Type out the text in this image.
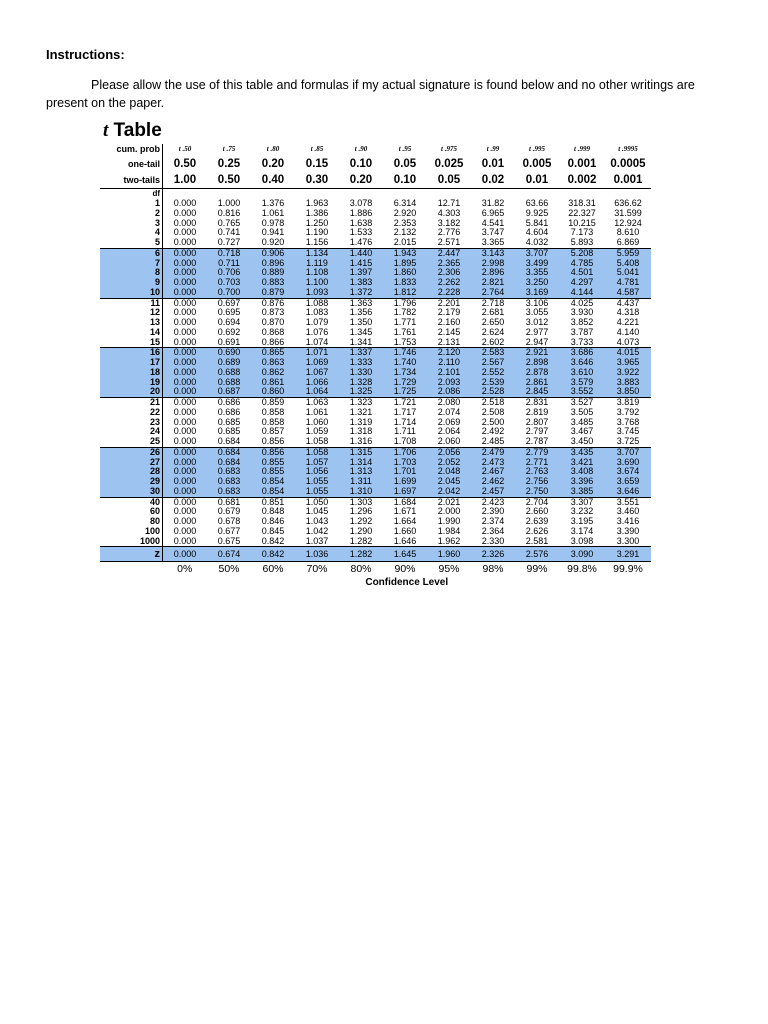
Instructions:
Please allow the use of this table and formulas if my actual signature is found below and no other writings are present on the paper.
t Table
cum. prob	t .50	t .75	t .80	t .85	t .90	t .95	t .975	t .99	t .995	t .999	t .9995
one-tail	0.50	0.25	0.20	0.15	0.10	0.05	0.025	0.01	0.005	0.001	0.0005
two-tails	1.00	0.50	0.40	0.30	0.20	0.10	0.05	0.02	0.01	0.002	0.001
df											
1	0.000	1.000	1.376	1.963	3.078	6.314	12.71	31.82	63.66	318.31	636.62
2	0.000	0.816	1.061	1.386	1.886	2.920	4.303	6.965	9.925	22.327	31.599
3	0.000	0.765	0.978	1.250	1.638	2.353	3.182	4.541	5.841	10.215	12.924
4	0.000	0.741	0.941	1.190	1.533	2.132	2.776	3.747	4.604	7.173	8.610
5	0.000	0.727	0.920	1.156	1.476	2.015	2.571	3.365	4.032	5.893	6.869
6	0.000	0.718	0.906	1.134	1.440	1.943	2.447	3.143	3.707	5.208	5.959
7	0.000	0.711	0.896	1.119	1.415	1.895	2.365	2.998	3.499	4.785	5.408
8	0.000	0.706	0.889	1.108	1.397	1.860	2.306	2.896	3.355	4.501	5.041
9	0.000	0.703	0.883	1.100	1.383	1.833	2.262	2.821	3.250	4.297	4.781
10	0.000	0.700	0.879	1.093	1.372	1.812	2.228	2.764	3.169	4.144	4.587
11	0.000	0.697	0.876	1.088	1.363	1.796	2.201	2.718	3.106	4.025	4.437
12	0.000	0.695	0.873	1.083	1.356	1.782	2.179	2.681	3.055	3.930	4.318
13	0.000	0.694	0.870	1.079	1.350	1.771	2.160	2.650	3.012	3.852	4.221
14	0.000	0.692	0.868	1.076	1.345	1.761	2.145	2.624	2.977	3.787	4.140
15	0.000	0.691	0.866	1.074	1.341	1.753	2.131	2.602	2.947	3.733	4.073
16	0.000	0.690	0.865	1.071	1.337	1.746	2.120	2.583	2.921	3.686	4.015
17	0.000	0.689	0.863	1.069	1.333	1.740	2.110	2.567	2.898	3.646	3.965
18	0.000	0.688	0.862	1.067	1.330	1.734	2.101	2.552	2.878	3.610	3.922
19	0.000	0.688	0.861	1.066	1.328	1.729	2.093	2.539	2.861	3.579	3.883
20	0.000	0.687	0.860	1.064	1.325	1.725	2.086	2.528	2.845	3.552	3.850
21	0.000	0.686	0.859	1.063	1.323	1.721	2.080	2.518	2.831	3.527	3.819
22	0.000	0.686	0.858	1.061	1.321	1.717	2.074	2.508	2.819	3.505	3.792
23	0.000	0.685	0.858	1.060	1.319	1.714	2.069	2.500	2.807	3.485	3.768
24	0.000	0.685	0.857	1.059	1.318	1.711	2.064	2.492	2.797	3.467	3.745
25	0.000	0.684	0.856	1.058	1.316	1.708	2.060	2.485	2.787	3.450	3.725
26	0.000	0.684	0.856	1.058	1.315	1.706	2.056	2.479	2.779	3.435	3.707
27	0.000	0.684	0.855	1.057	1.314	1.703	2.052	2.473	2.771	3.421	3.690
28	0.000	0.683	0.855	1.056	1.313	1.701	2.048	2.467	2.763	3.408	3.674
29	0.000	0.683	0.854	1.055	1.311	1.699	2.045	2.462	2.756	3.396	3.659
30	0.000	0.683	0.854	1.055	1.310	1.697	2.042	2.457	2.750	3.385	3.646
40	0.000	0.681	0.851	1.050	1.303	1.684	2.021	2.423	2.704	3.307	3.551
60	0.000	0.679	0.848	1.045	1.296	1.671	2.000	2.390	2.660	3.232	3.460
80	0.000	0.678	0.846	1.043	1.292	1.664	1.990	2.374	2.639	3.195	3.416
100	0.000	0.677	0.845	1.042	1.290	1.660	1.984	2.364	2.626	3.174	3.390
1000	0.000	0.675	0.842	1.037	1.282	1.646	1.962	2.330	2.581	3.098	3.300
z	0.000	0.674	0.842	1.036	1.282	1.645	1.960	2.326	2.576	3.090	3.291
	0%	50%	60%	70%	80%	90%	95%	98%	99%	99.8%	99.9%
	Confidence Level										
